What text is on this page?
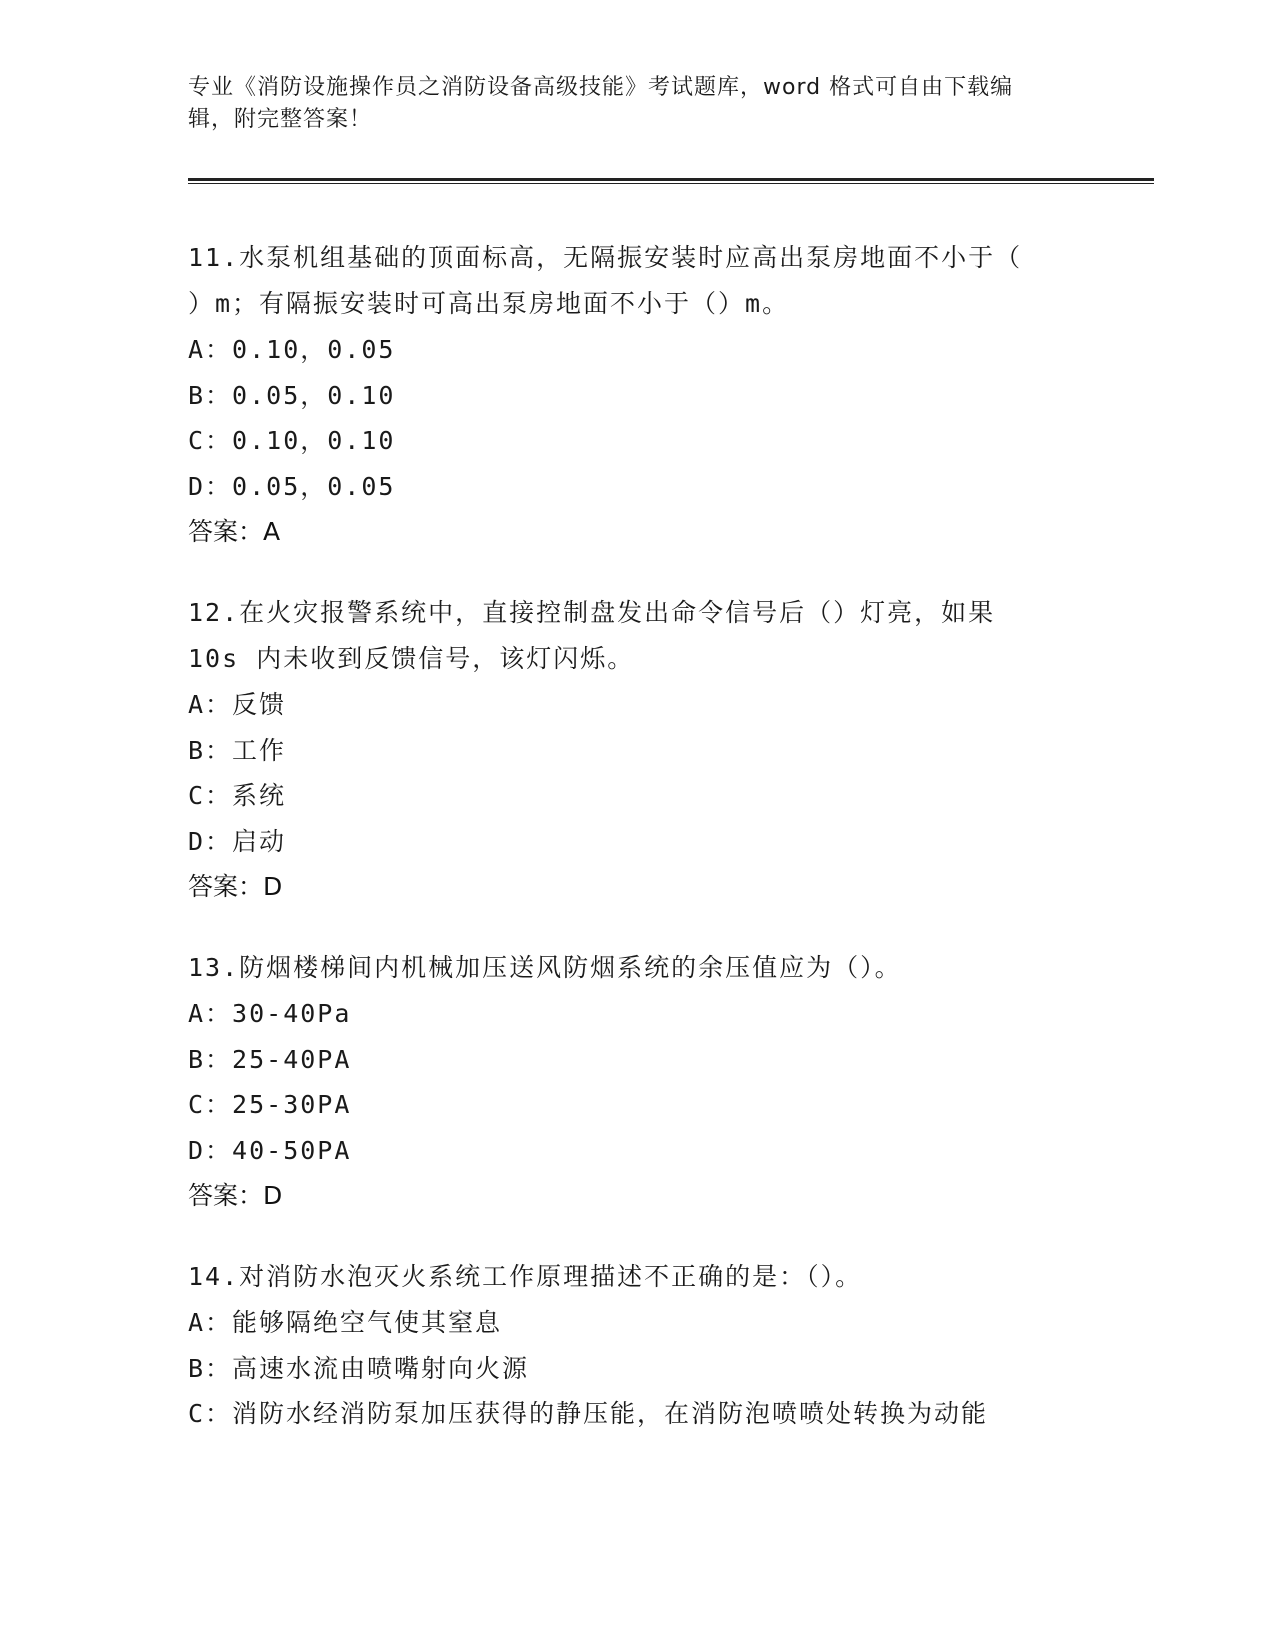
专业《消防设施操作员之消防设备高级技能》考试题库，word 格式可自由下载编
辑，附完整答案！

11.水泵机组基础的顶面标高，无隔振安装时应高出泵房地面不小于（

）m；有隔振安装时可高出泵房地面不小于（）m。

A：0.10，0.05

B：0.05，0.10

C：0.10，0.10

D：0.05，0.05

答案：A

12.在火灾报警系统中，直接控制盘发出命令信号后（）灯亮，如果

10s 内未收到反馈信号，该灯闪烁。

A：反馈

B：工作

C：系统

D：启动

答案：D

13.防烟楼梯间内机械加压送风防烟系统的余压值应为（）。

A：30-40Pa

B：25-40PA

C：25-30PA

D：40-50PA

答案：D

14.对消防水泡灭火系统工作原理描述不正确的是：（）。

A：能够隔绝空气使其窒息

B：高速水流由喷嘴射向火源

C：消防水经消防泵加压获得的静压能，在消防泡喷喷处转换为动能
